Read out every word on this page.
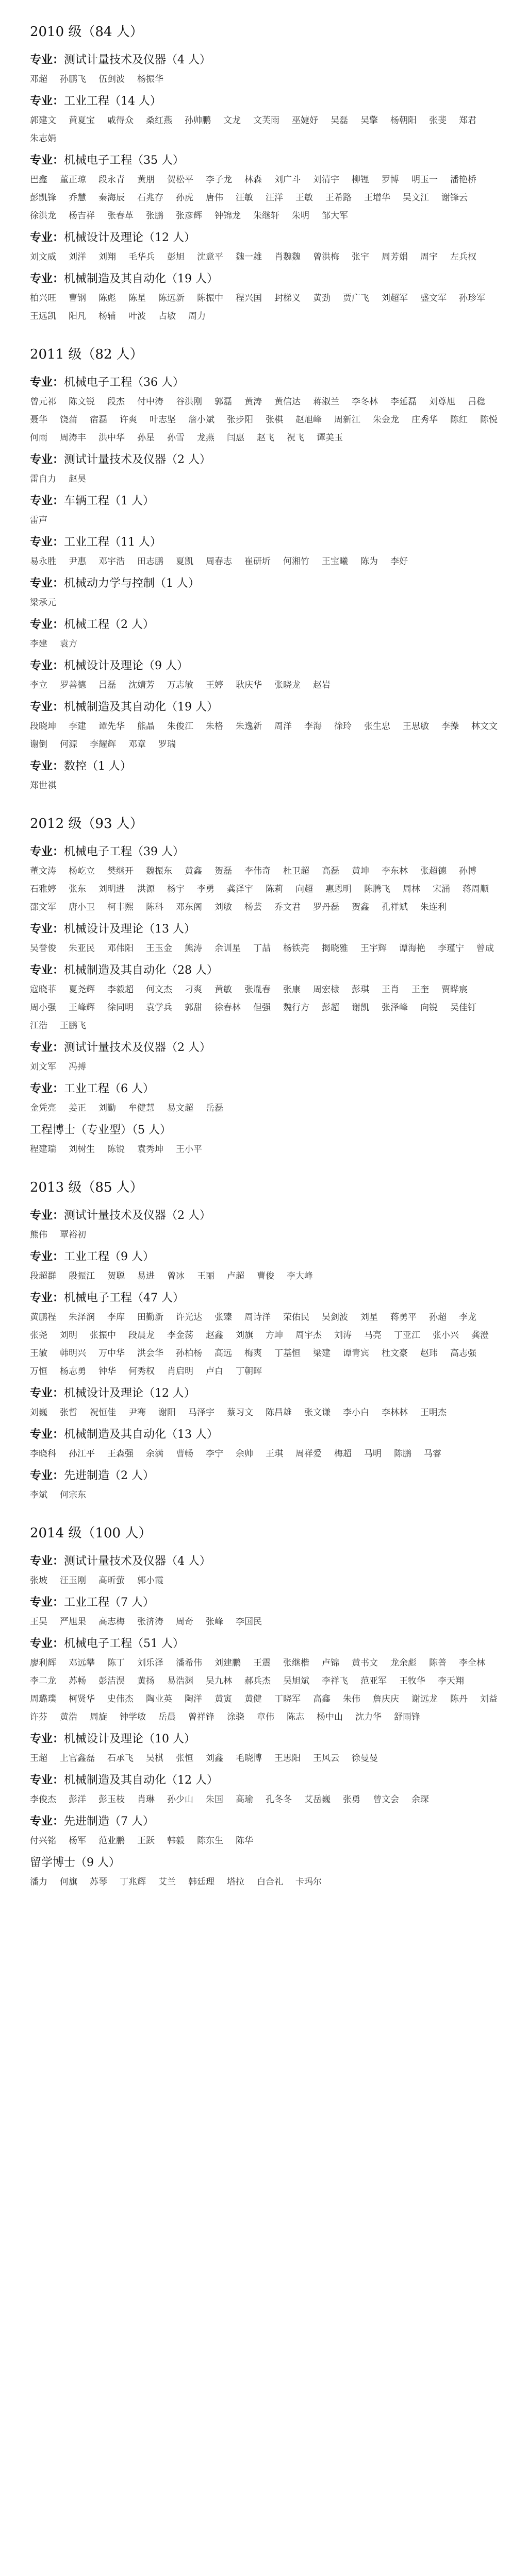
2010 级（84 人）
专业：测试计量技术及仪器（4 人）
邓超 孙鹏飞 伍剑波 杨振华
专业：工业工程（14 人）
郭建文 黄夏宝 戚得众 桑红燕 孙帅鹏 文龙 文芙雨 巫婕妤 吴磊 吴擎 杨朝阳 张斐 郑君
朱志娟
专业：机械电子工程（35 人）
巴鑫 董正琼 段永青 黄朋 贺松平 李子龙 林森 刘广斗 刘清宇 柳锂 罗博 明玉一 潘艳桥
彭凯锋 乔慧 秦海辰 石兆存 孙虎 唐伟 汪敏 汪洋 王敏 王希路 王增华 吴文江 谢锋云
徐洪龙 杨吉祥 张春革 张鹏 张彦辉 钟锦龙 朱继轩 朱明 邹大军
专业：机械设计及理论（12 人）
刘文威 刘洋 刘翔 毛华兵 彭旭 沈意平 魏一雄 肖魏魏 曾洪梅 张宇 周芳娟 周宇 左兵权
专业：机械制造及其自动化（19 人）
柏兴旺 曹钢 陈彪 陈星 陈远新 陈振中 程兴国 封梯义 黄劲 贾广飞 刘超军 盛文军 孙珍军
王远凯 阳凡 杨辅 叶波 占敏 周力
2011 级（82 人）
专业：机械电子工程（36 人）
曾元祁 陈文锐 段杰 付中涛 谷洪刚 郭磊 黄涛 黄信达 蒋淑兰 李冬林 李延磊 刘尊旭 吕稳
聂华 饶蒲 宿磊 许爽 叶志坚 詹小斌 张步阳 张棋 赵旭峰 周新江 朱金龙 庄秀华 陈红 陈悦
何雨 周涛丰 洪中华 孙星 孙雪 龙燕 闫惠 赵飞 祝飞 谭美玉
专业：测试计量技术及仪器（2 人）
雷自力 赵昊
专业：车辆工程（1 人）
雷声
专业：工业工程（11 人）
易永胜 尹惠 邓宇浩 田志鹏 夏凯 周春志 崔研圻 何湘竹 王宝曦 陈为 李好
专业：机械动力学与控制（1 人）
梁承元
专业：机械工程（2 人）
李建 袁方
专业：机械设计及理论（9 人）
李立 罗善德 吕磊 沈婧芳 万志敏 王婷 耿庆华 张晓龙 赵岩
专业：机械制造及其自动化（19 人）
段晓坤 李建 谭先华 熊晶 朱俊江 朱格 朱逸新 周洋 李海 徐玲 张生忠 王思敏 李操 林文文
谢倒 何源 李耀辉 邓章 罗瑞
专业：数控（1 人）
郑世祺
2012 级（93 人）
专业：机械电子工程（39 人）
董文涛 杨屹立 樊继开 魏振东 黄鑫 贺磊 李伟奇 杜卫超 高磊 黄坤 李东林 张超德 孙博
石雅婷 张东 刘明进 洪源 杨宇 李勇 龚泽宇 陈莉 向超 惠恩明 陈腾飞 周林 宋涌 蒋周顺
邵文军 唐小卫 柯丰熙 陈科 邓东阁 刘敏 杨芸 乔文君 罗丹磊 贺鑫 孔祥斌 朱连利
专业：机械设计及理论（13 人）
吴誉俊 朱亚民 邓伟阳 王玉金 熊涛 余训星 丁喆 杨铁亮 揭晓雅 王宇辉 谭海艳 李瑾宁 曾成
专业：机械制造及其自动化（28 人）
寇晓菲 夏尧辉 李毅超 何文杰 刁爽 黄敏 张胤春 张康 周宏棣 彭琪 王肖 王奎 贾晔宸
周小强 王峰辉 徐同明 袁学兵 郭甜 徐春林 但强 魏行方 彭超 谢凯 张泽峰 向锐 吴佳钉
江浩 王鹏飞
专业：测试计量技术及仪器（2 人）
刘文军 冯搏
专业：工业工程（6 人）
金凭亮 姜正 刘勤 牟健慧 易文超 岳磊
工程博士（专业型）（5 人）
程建瑞 刘树生 陈锐 袁秀坤 王小平
2013 级（85 人）
专业：测试计量技术及仪器（2 人）
熊伟 覃裕初
专业：工业工程（9 人）
段超群 殷振江 贺聪 易进 曾冰 王丽 卢超 曹俊 李大峰
专业：机械电子工程（47 人）
黄鹏程 朱泽润 李库 田勤新 许光达 张臻 周诗洋 荣佑民 吴剑波 刘星 蒋勇平 孙超 李龙
张尧 刘明 张振中 段晨龙 李金荡 赵鑫 刘旗 方坤 周宇杰 刘涛 马亮 丁亚江 张小兴 龚澄
王敏 韩明兴 万中华 洪会华 孙柏杨 高远 梅爽 丁基恒 梁建 谭青宾 杜文豪 赵玮 高志强
万恒 杨志勇 钟华 何秀权 肖启明 卢白 丁朝晖
专业：机械设计及理论（12 人）
刘巍 张哲 祝恒佳 尹骞 谢阳 马泽宇 蔡习文 陈昌雄 张文谦 李小白 李林林 王明杰
专业：机械制造及其自动化（13 人）
李晓科 孙江平 王森强 余满 曹畅 李宁 余帅 王琪 周祥爱 梅超 马明 陈鹏 马睿
专业：先进制造（2 人）
李斌 何宗东
2014 级（100 人）
专业：测试计量技术及仪器（4 人）
张坡 汪玉刚 高昕萤 郭小霞
专业：工业工程（7 人）
王昊 严旭果 高志梅 张济涛 周奇 张峰 李国民
专业：机械电子工程（51 人）
廖利辉 邓远攀 陈丁 刘乐泽 潘希伟 刘建鹏 王震 张继楷 卢锦 黄书文 龙余彪 陈普 李全林
李二龙 苏畅 彭洁淏 黄扬 易浩渊 吴九林 郝兵杰 吴旭斌 李祥飞 范亚军 王牧华 李天翔
周璐璞 柯贤华 史伟杰 陶业英 陶洋 黄寅 黄健 丁晓军 高鑫 朱伟 詹庆庆 谢远龙 陈丹 刘益
许芬 黄浩 周旋 钟学敏 岳晨 曾祥锋 涂骁 章伟 陈志 杨中山 沈力华 舒雨锋
专业：机械设计及理论（10 人）
王超 上官鑫磊 石承飞 吴棋 张恒 刘鑫 毛晓博 王思阳 王风云 徐曼曼
专业：机械制造及其自动化（12 人）
李俊杰 彭洋 彭玉枝 肖琳 孙少山 朱国 高瑜 孔冬冬 艾岳巍 张勇 曾文会 余琛
专业：先进制造（7 人）
付兴铭 杨军 范业鹏 王跃 韩毅 陈东生 陈华
留学博士（9 人）
潘力 何旗 苏琴 丁兆辉 艾兰 韩廷理 塔拉 白合礼 卡玛尔
